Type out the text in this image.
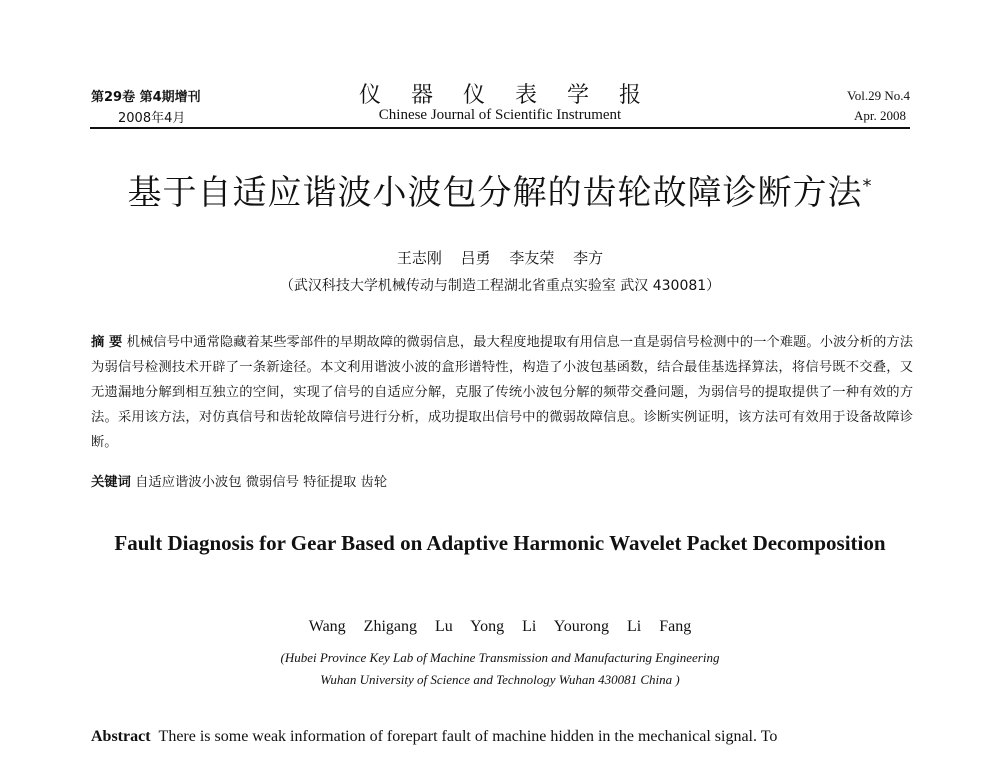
第29卷 第4期增刊
2008年4月
仪器仪表学报
Chinese Journal of Scientific Instrument
Vol.29 No.4
Apr. 2008
基于自适应谐波小波包分解的齿轮故障诊断方法*
王志刚 吕勇 李友荣 李方
（武汉科技大学机械传动与制造工程湖北省重点实验室 武汉 430081）
摘 要 机械信号中通常隐藏着某些零部件的早期故障的微弱信息，最大程度地提取有用信息一直是弱信号检测中的一个难题。小波分析的方法为弱信号检测技术开辟了一条新途径。本文利用谐波小波的盒形谱特性，构造了小波包基函数，结合最佳基选择算法，将信号既不交叠，又无遗漏地分解到相互独立的空间，实现了信号的自适应分解，克服了传统小波包分解的频带交叠问题，为弱信号的提取提供了一种有效的方法。采用该方法，对仿真信号和齿轮故障信号进行分析，成功提取出信号中的微弱故障信息。诊断实例证明，该方法可有效用于设备故障诊断。
关键词 自适应谐波小波包 微弱信号 特征提取 齿轮
Fault Diagnosis for Gear Based on Adaptive Harmonic Wavelet Packet Decomposition
Wang Zhigang Lu Yong Li Yourong Li Fang
(Hubei Province Key Lab of Machine Transmission and Manufacturing Engineering
Wuhan University of Science and Technology Wuhan 430081 China )
Abstract There is some weak information of forepart fault of machine hidden in the mechanical signal. To
